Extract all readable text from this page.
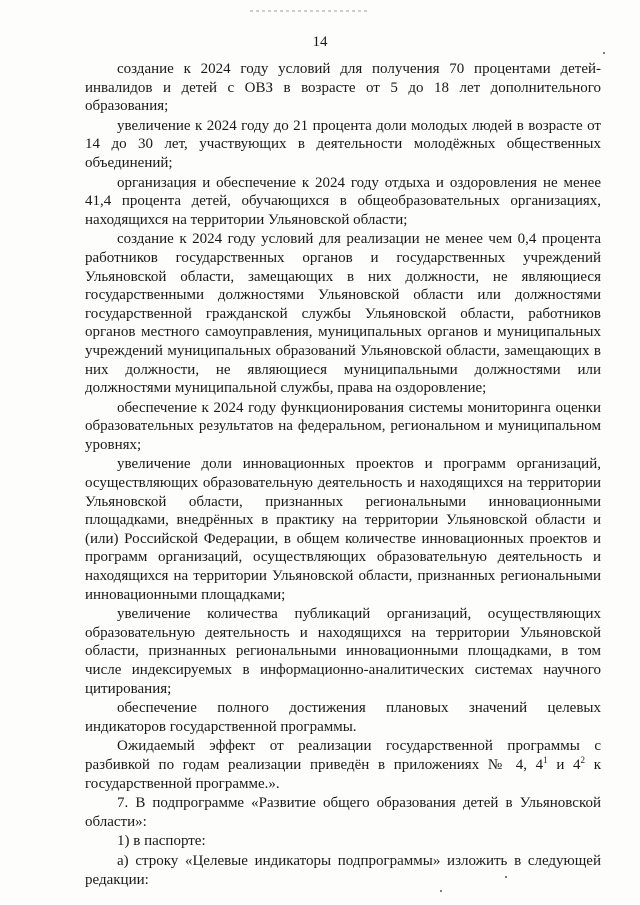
14

создание к 2024 году условий для получения 70 процентами детей-инвалидов и детей с ОВЗ в возрасте от 5 до 18 лет дополнительного образования;

увеличение к 2024 году до 21 процента доли молодых людей в возрасте от 14 до 30 лет, участвующих в деятельности молодёжных общественных объединений;

организация и обеспечение к 2024 году отдыха и оздоровления не менее 41,4 процента детей, обучающихся в общеобразовательных организациях, находящихся на территории Ульяновской области;

создание к 2024 году условий для реализации не менее чем 0,4 процента работников государственных органов и государственных учреждений Ульяновской области, замещающих в них должности, не являющиеся государственными должностями Ульяновской области или должностями государственной гражданской службы Ульяновской области, работников органов местного самоуправления, муниципальных органов и муниципальных учреждений муниципальных образований Ульяновской области, замещающих в них должности, не являющиеся муниципальными должностями или должностями муниципальной службы, права на оздоровление;

обеспечение к 2024 году функционирования системы мониторинга оценки образовательных результатов на федеральном, региональном и муниципальном уровнях;

увеличение доли инновационных проектов и программ организаций, осуществляющих образовательную деятельность и находящихся на территории Ульяновской области, признанных региональными инновационными площадками, внедрённых в практику на территории Ульяновской области и (или) Российской Федерации, в общем количестве инновационных проектов и программ организаций, осуществляющих образовательную деятельность и находящихся на территории Ульяновской области, признанных региональными инновационными площадками;

увеличение количества публикаций организаций, осуществляющих образовательную деятельность и находящихся на территории Ульяновской области, признанных региональными инновационными площадками, в том числе индексируемых в информационно-аналитических системах научного цитирования;

обеспечение полного достижения плановых значений целевых индикаторов государственной программы.

Ожидаемый эффект от реализации государственной программы с разбивкой по годам реализации приведён в приложениях № 4, $4^1$ и $4^2$ к государственной программе.».

7. В подпрограмме «Развитие общего образования детей в Ульяновской области»:

1) в паспорте:

а) строку «Целевые индикаторы подпрограммы» изложить в следующей редакции:
